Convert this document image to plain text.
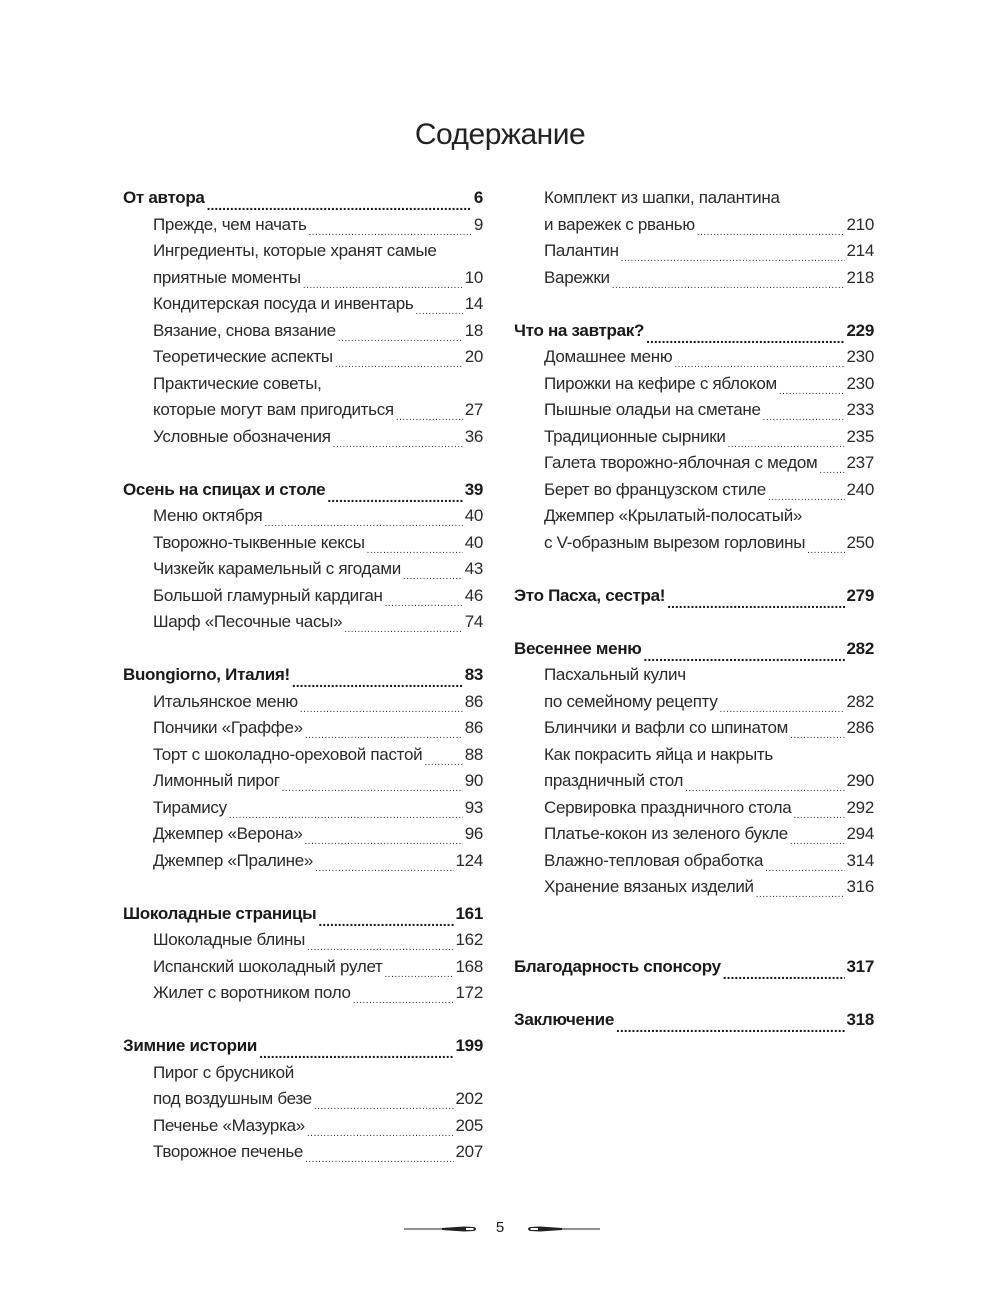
Содержание
От автора .....	6
Прежде, чем начать .....	9
Ингредиенты, которые хранят самые
приятные моменты .....	10
Кондитерская посуда и инвентарь .....	14
Вязание, снова вязание .....	18
Теоретические аспекты .....	20
Практические советы,
которые могут вам пригодиться .....	27
Условные обозначения .....	36
Осень на спицах и столе .....	39
Меню октября .....	40
Творожно-тыквенные кексы .....	40
Чизкейк карамельный с ягодами .....	43
Большой гламурный кардиган .....	46
Шарф «Песочные часы» .....	74
Buongiorno, Италия! .....	83
Итальянское меню .....	86
Пончики «Граффе» .....	86
Торт с шоколадно-ореховой пастой ..... 88
Лимонный пирог .....	90
Тирамису .....	93
Джемпер «Верона» .....	96
Джемпер «Пралине» .....	124
Шоколадные страницы .....	161
Шоколадные блины .....	162
Испанский шоколадный рулет .....	168
Жилет с воротником поло .....	172
Зимние истории .....	199
Пирог с брусникой
под воздушным безе .....	202
Печенье «Мазурка» .....	205
Творожное печенье .....	207
Комплект из шапки, палантина
и варежек с рванью .....	210
Палантин .....	214
Варежки .....	218
Что на завтрак? .....	229
Домашнее меню .....	230
Пирожки на кефире с яблоком .....	230
Пышные оладьи на сметане .....	233
Традиционные сырники .....	235
Галета творожно-яблочная с медом ..... 237
Берет во французском стиле .....	240
Джемпер «Крылатый-полосатый»
с V-образным вырезом горловины ..... 250
Это Пасха, сестра! .....	279
Весеннее меню .....	282
Пасхальный кулич
по семейному рецепту .....	282
Блинчики и вафли со шпинатом .....	286
Как покрасить яйца и накрыть
праздничный стол .....	290
Сервировка праздничного стола .....	292
Платье-кокон из зеленого букле .....	294
Влажно-тепловая обработка .....	314
Хранение вязаных изделий .....	316
Благодарность спонсору .....	317
Заключение .....	318
5
